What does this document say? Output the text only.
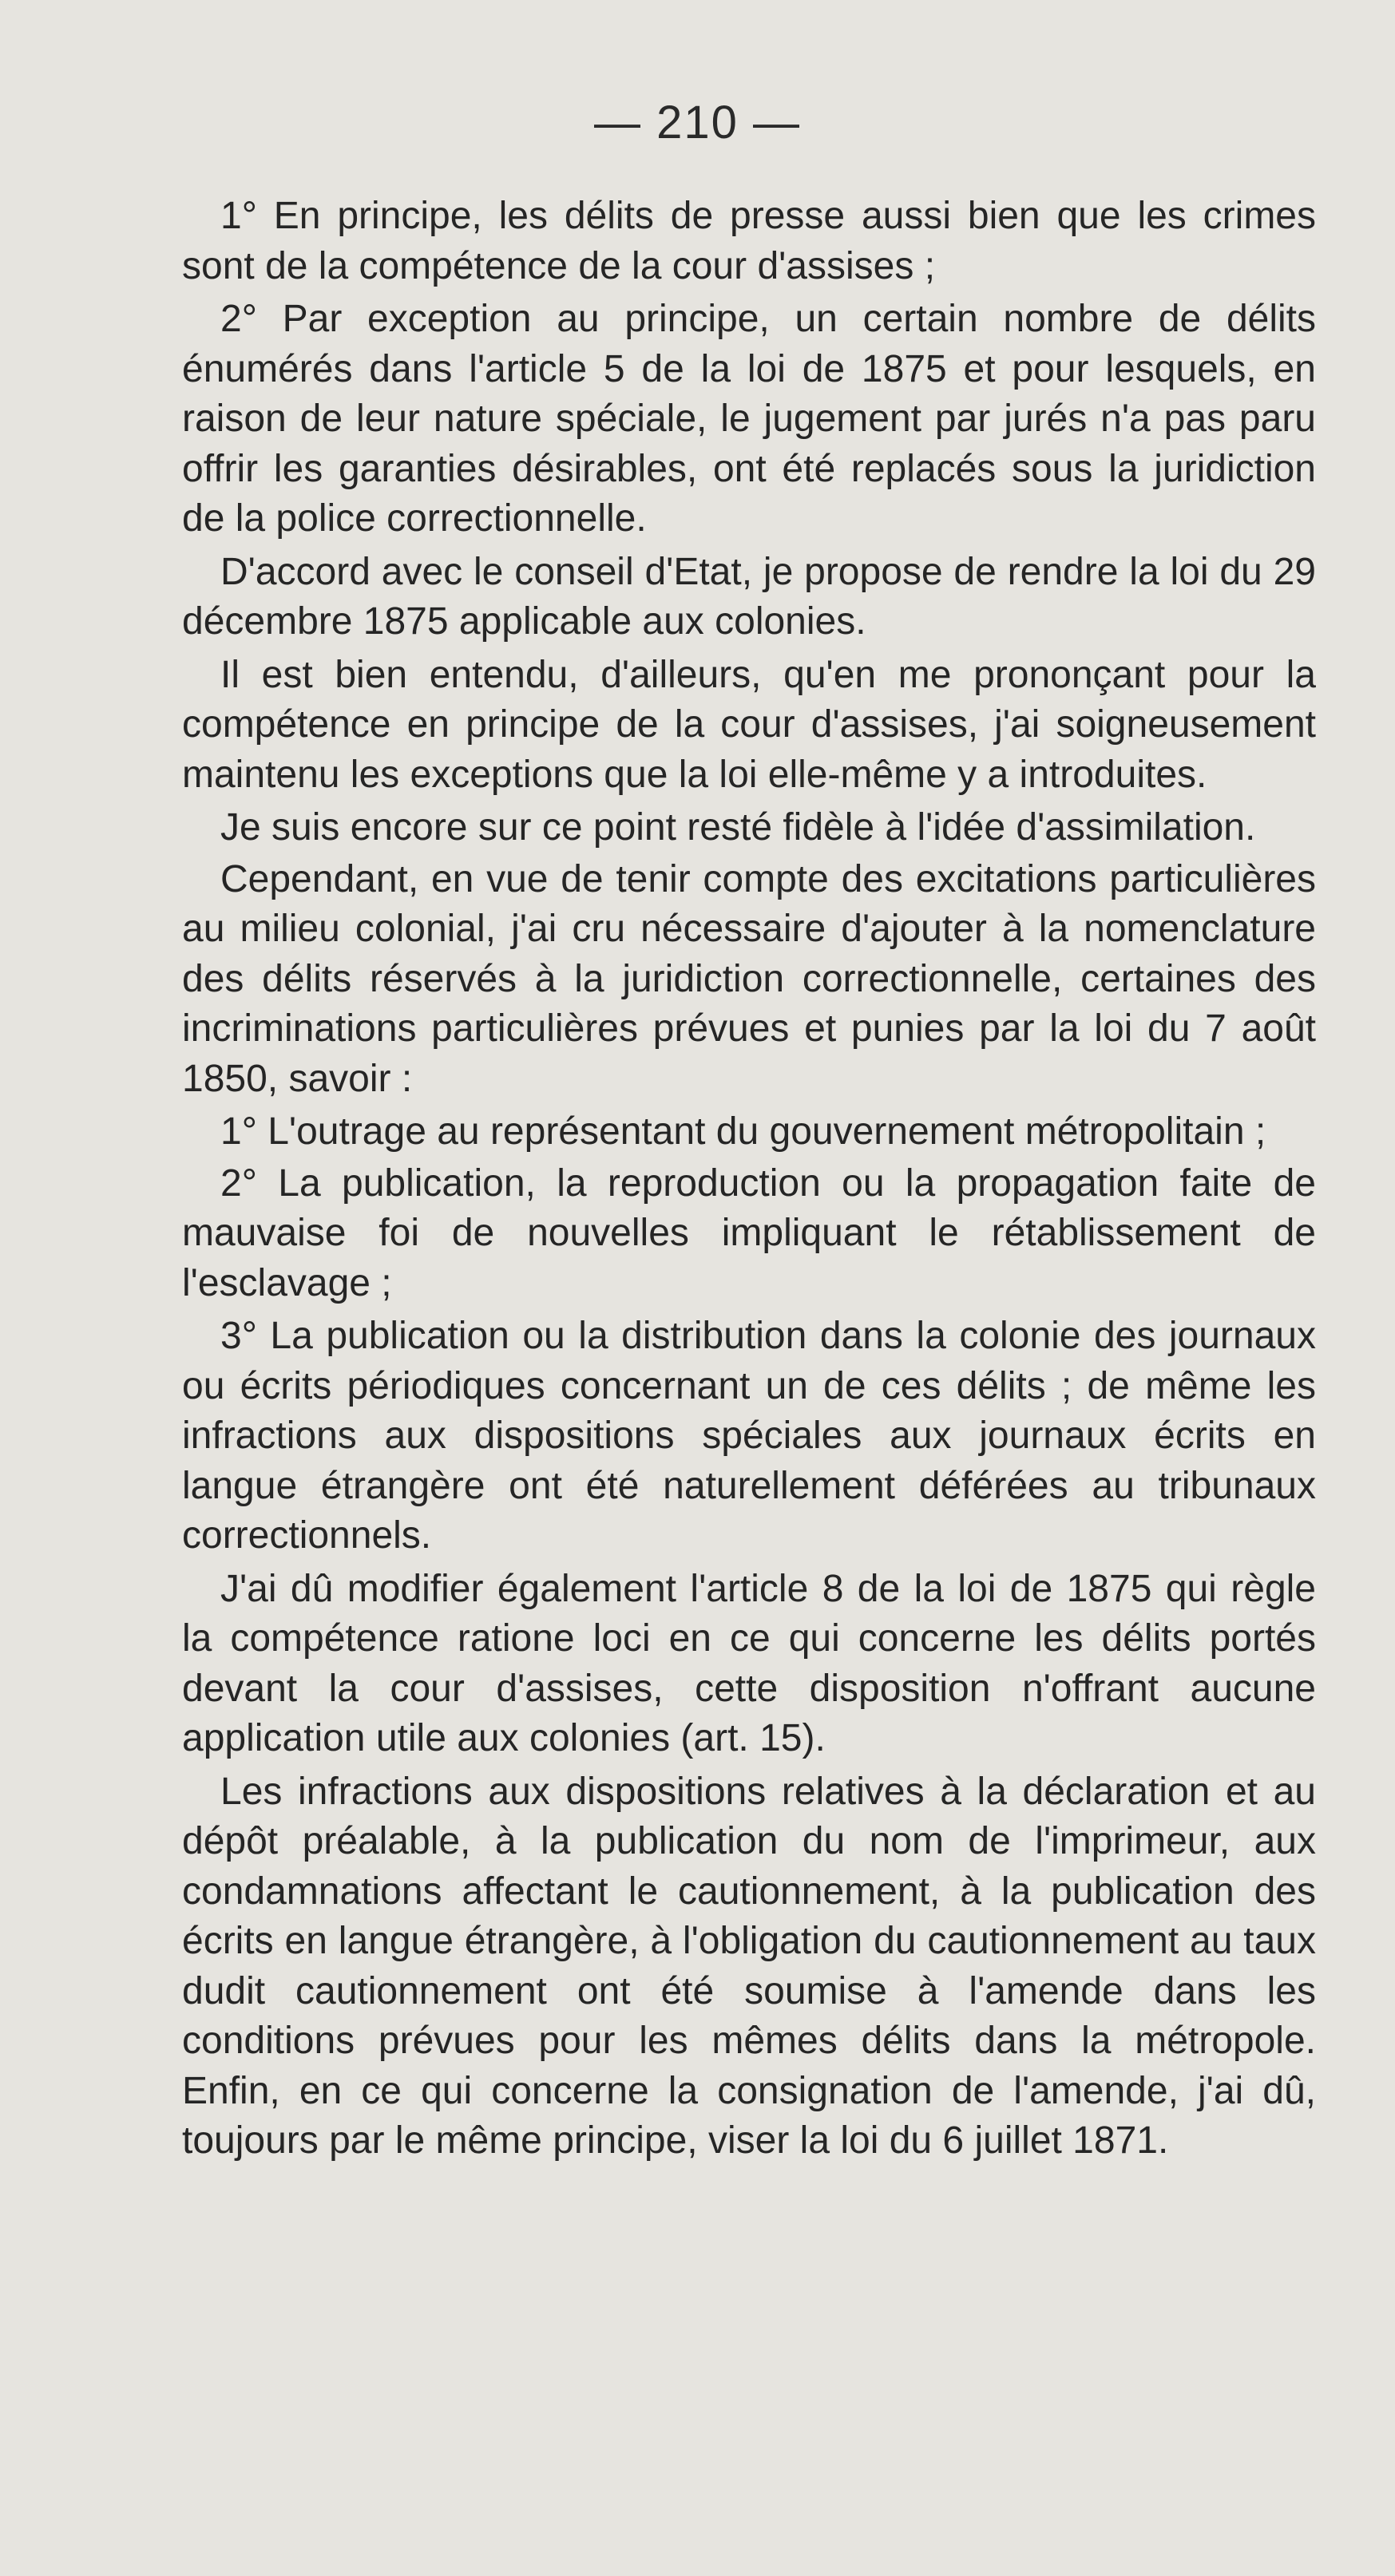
— 210 —

1° En principe, les délits de presse aussi bien que les crimes sont de la compétence de la cour d'assises ;

2° Par exception au principe, un certain nombre de délits énumérés dans l'article 5 de la loi de 1875 et pour lesquels, en raison de leur nature spéciale, le jugement par jurés n'a pas paru offrir les garanties désirables, ont été replacés sous la juridiction de la police correctionnelle.

D'accord avec le conseil d'Etat, je propose de rendre la loi du 29 décembre 1875 applicable aux colonies.

Il est bien entendu, d'ailleurs, qu'en me prononçant pour la compétence en principe de la cour d'assises, j'ai soigneusement maintenu les exceptions que la loi elle-même y a introduites.

Je suis encore sur ce point resté fidèle à l'idée d'assimilation.

Cependant, en vue de tenir compte des excitations particulières au milieu colonial, j'ai cru nécessaire d'ajouter à la nomenclature des délits réservés à la juridiction correctionnelle, certaines des incriminations particulières prévues et punies par la loi du 7 août 1850, savoir :

1° L'outrage au représentant du gouvernement métropolitain ;

2° La publication, la reproduction ou la propagation faite de mauvaise foi de nouvelles impliquant le rétablissement de l'esclavage ;

3° La publication ou la distribution dans la colonie des journaux ou écrits périodiques concernant un de ces délits ; de même les infractions aux dispositions spéciales aux journaux écrits en langue étrangère ont été naturellement déférées au tribunaux correctionnels.

J'ai dû modifier également l'article 8 de la loi de 1875 qui règle la compétence ratione loci en ce qui concerne les délits portés devant la cour d'assises, cette disposition n'offrant aucune application utile aux colonies (art. 15).

Les infractions aux dispositions relatives à la déclaration et au dépôt préalable, à la publication du nom de l'imprimeur, aux condamnations affectant le cautionnement, à la publication des écrits en langue étrangère, à l'obligation du cautionnement au taux dudit cautionnement ont été soumise à l'amende dans les conditions prévues pour les mêmes délits dans la métropole. Enfin, en ce qui concerne la consignation de l'amende, j'ai dû, toujours par le même principe, viser la loi du 6 juillet 1871.
